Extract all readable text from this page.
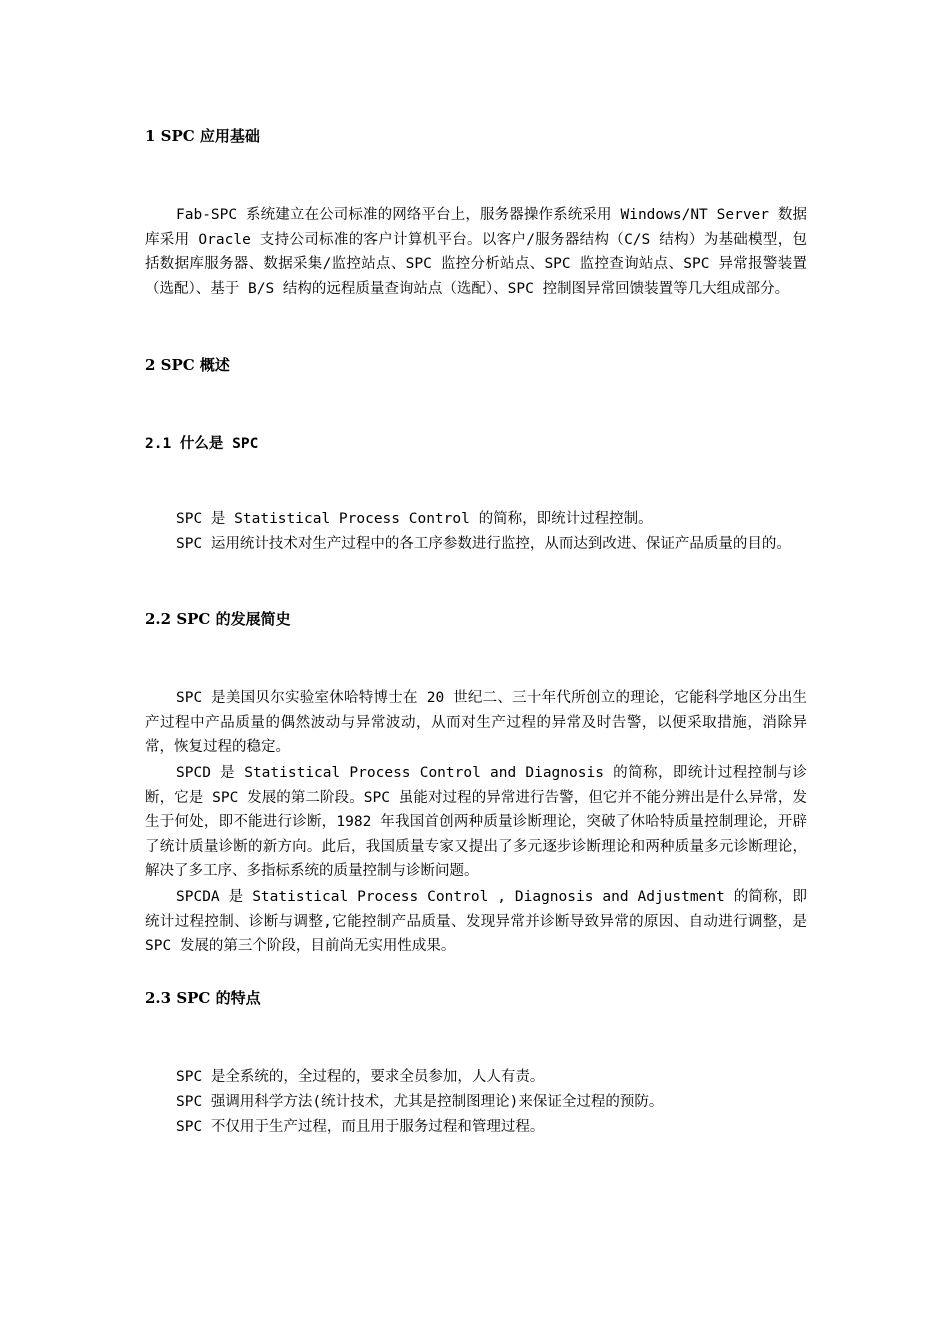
1 SPC 应用基础
Fab-SPC 系统建立在公司标准的网络平台上，服务器操作系统采用 Windows/NT Server 数据库采用 Oracle 支持公司标准的客户计算机平台。以客户/服务器结构（C/S 结构）为基础模型，包括数据库服务器、数据采集/监控站点、SPC 监控分析站点、SPC 监控查询站点、SPC 异常报警装置（选配）、基于 B/S 结构的远程质量查询站点（选配）、SPC 控制图异常回馈装置等几大组成部分。
2 SPC 概述
2.1 什么是 SPC
SPC 是 Statistical Process Control 的简称，即统计过程控制。
SPC 运用统计技术对生产过程中的各工序参数进行监控，从而达到改进、保证产品质量的目的。
2.2 SPC 的发展简史
SPC 是美国贝尔实验室休哈特博士在 20 世纪二、三十年代所创立的理论，它能科学地区分出生产过程中产品质量的偶然波动与异常波动，从而对生产过程的异常及时告警，以便采取措施，消除异常，恢复过程的稳定。
SPCD 是 Statistical Process Control and Diagnosis 的简称，即统计过程控制与诊断，它是 SPC 发展的第二阶段。SPC 虽能对过程的异常进行告警，但它并不能分辨出是什么异常，发生于何处，即不能进行诊断，1982 年我国首创两种质量诊断理论，突破了休哈特质量控制理论，开辟了统计质量诊断的新方向。此后，我国质量专家又提出了多元逐步诊断理论和两种质量多元诊断理论，解决了多工序、多指标系统的质量控制与诊断问题。
SPCDA 是 Statistical Process Control , Diagnosis and Adjustment 的简称，即统计过程控制、诊断与调整,它能控制产品质量、发现异常并诊断导致异常的原因、自动进行调整，是 SPC 发展的第三个阶段，目前尚无实用性成果。
2.3 SPC 的特点
SPC 是全系统的，全过程的，要求全员参加，人人有责。
SPC 强调用科学方法(统计技术，尤其是控制图理论)来保证全过程的预防。
SPC 不仅用于生产过程，而且用于服务过程和管理过程。
